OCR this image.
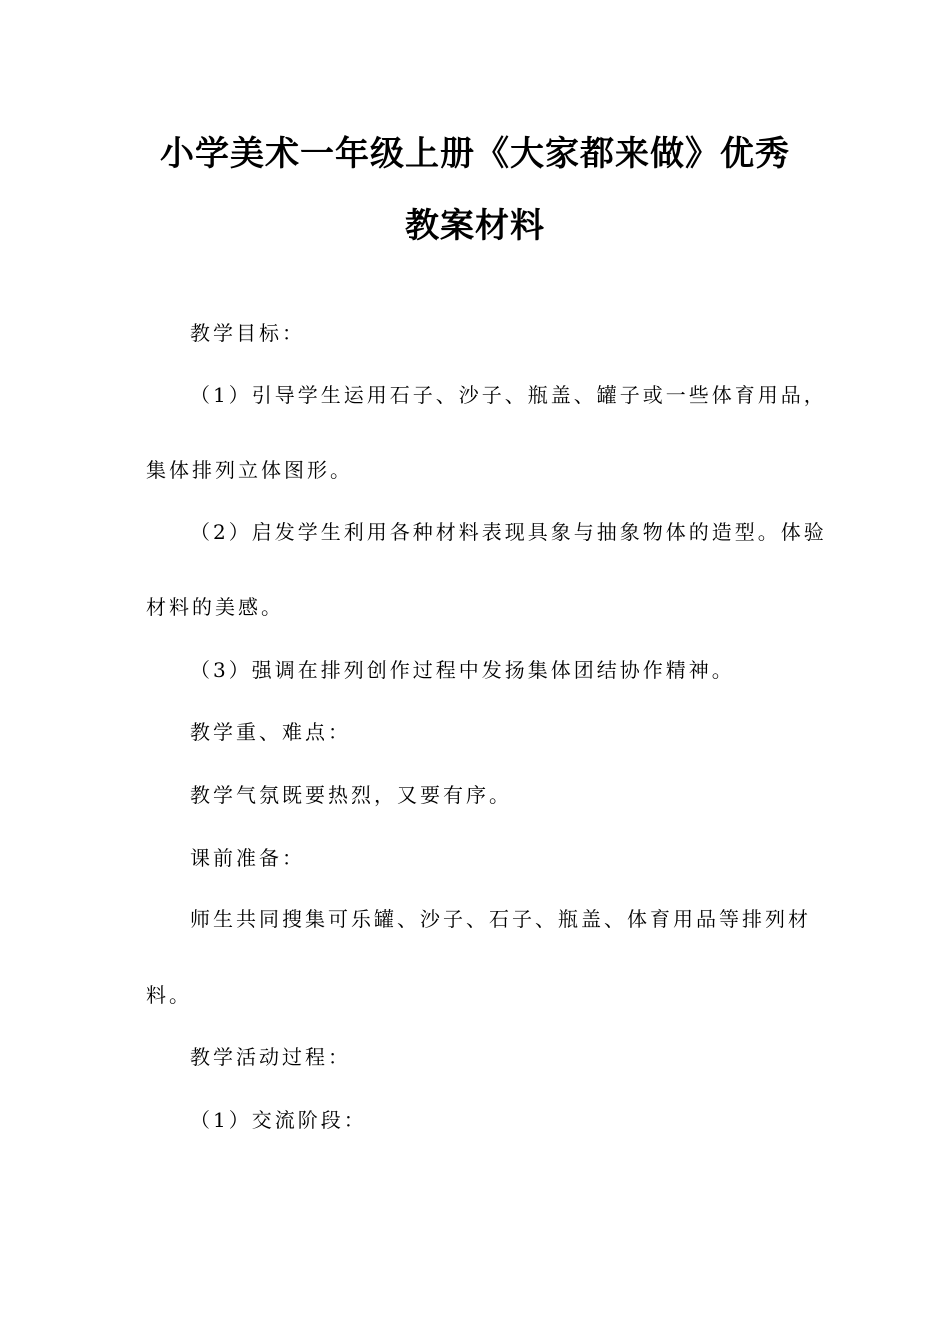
小学美术一年级上册《大家都来做》优秀
教案材料
教学目标：
（1）引导学生运用石子、沙子、瓶盖、罐子或一些体育用品，
集体排列立体图形。
（2）启发学生利用各种材料表现具象与抽象物体的造型。体验
材料的美感。
（3）强调在排列创作过程中发扬集体团结协作精神。
教学重、难点：
教学气氛既要热烈，又要有序。
课前准备：
师生共同搜集可乐罐、沙子、石子、瓶盖、体育用品等排列材
料。
教学活动过程：
（1）交流阶段：
